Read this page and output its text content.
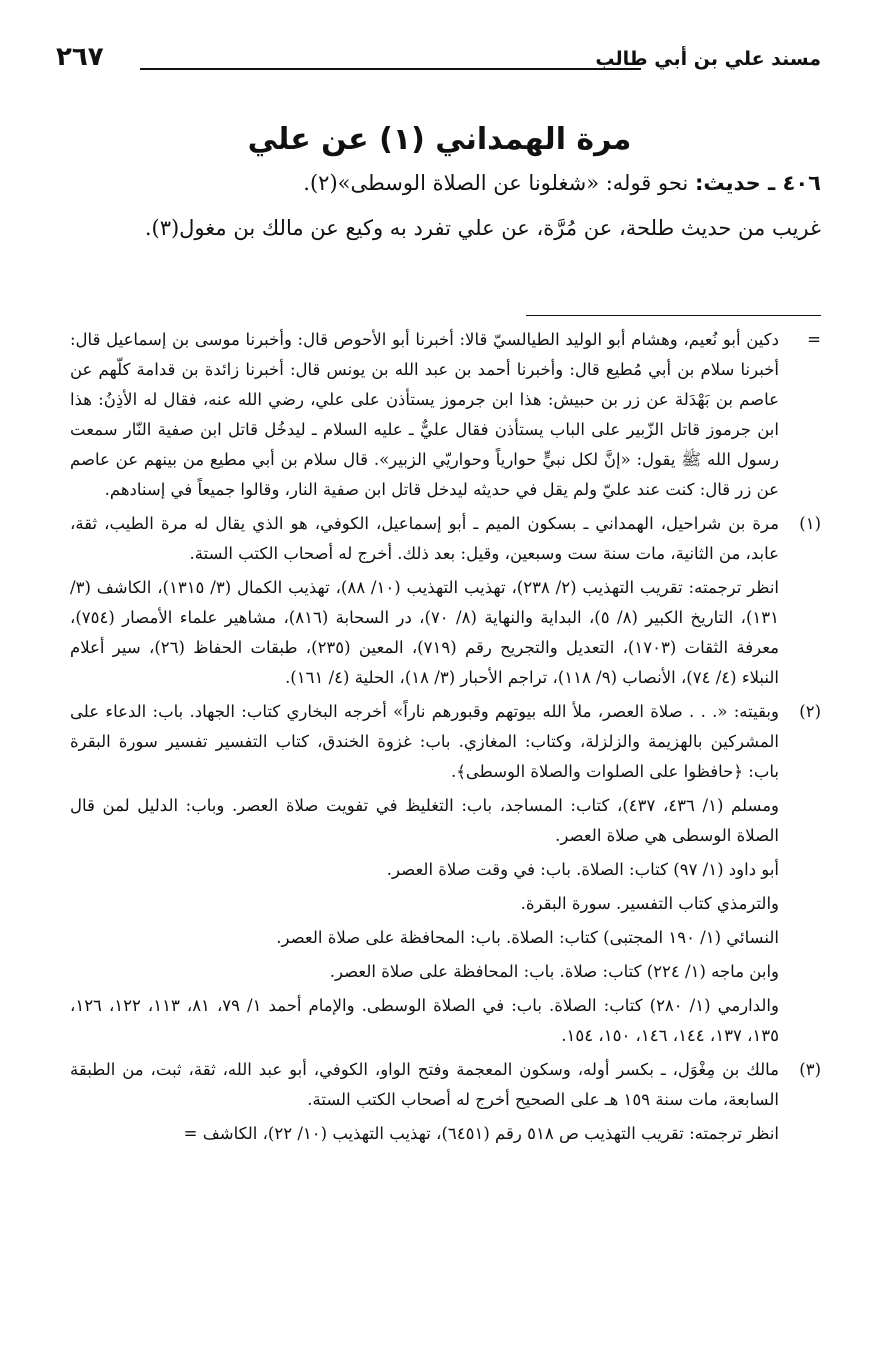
مسند علي بن أبي طالب
٢٦٧
مرة الهمداني (١) عن علي
٤٠٦ ـ حديث: نحو قوله: «شغلونا عن الصلاة الوسطى»(٢).
غريب من حديث طلحة، عن مُرَّة، عن علي تفرد به وكيع عن مالك بن مغول(٣).
=

دكين أبو نُعيم، وهشام أبو الوليد الطيالسيّ قالا: أخبرنا أبو الأحوص قال: وأخبرنا موسى بن إسماعيل قال: أخبرنا سلام بن أبي مُطيع قال: وأخبرنا أحمد بن عبد الله بن يونس قال: أخبرنا زائدة بن قدامة كلّهم عن عاصم بن بَهْدَلة عن زر بن حبيش: هذا ابن جرموز يستأذن على علي، رضي الله عنه، فقال له الأذِنُ: هذا ابن جرموز قاتل الزّبير على الباب يستأذن فقال عليٌّ ـ عليه السلام ـ ليدخُل قاتل ابن صفية النّار سمعت رسول الله ﷺ يقول: «إنَّ لكل نبيٍّ حوارياً وحواريّي الزبير». قال سلام بن أبي مطيع من بينهم عن عاصم عن زر قال: كنت عند عليّ ولم يقل في حديثه ليدخل قاتل ابن صفية النار، وقالوا جميعاً في إسنادهم.

(١)

مرة بن شراحيل، الهمداني ـ بسكون الميم ـ أبو إسماعيل، الكوفي، هو الذي يقال له مرة الطيب، ثقة، عابد، من الثانية، مات سنة ست وسبعين، وقيل: بعد ذلك. أخرج له أصحاب الكتب الستة.

انظر ترجمته: تقريب التهذيب (٢/ ٢٣٨)، تهذيب التهذيب (١٠/ ٨٨)، تهذيب الكمال (٣/ ١٣١٥)، الكاشف (٣/ ١٣١)، التاريخ الكبير (٨/ ٥)، البداية والنهاية (٨/ ٧٠)، در السحابة (٨١٦)، مشاهير علماء الأمصار (٧٥٤)، معرفة الثقات (١٧٠٣)، التعديل والتجريح رقم (٧١٩)، المعين (٢٣٥)، طبقات الحفاظ (٢٦)، سير أعلام النبلاء (٤/ ٧٤)، الأنصاب (٩/ ١١٨)، تراجم الأحبار (٣/ ١٨)، الحلية (٤/ ١٦١).

(٢)

وبقيته: «. . . صلاة العصر، ملأ الله بيوتهم وقبورهم ناراً» أخرجه البخاري كتاب: الجهاد. باب: الدعاء على المشركين بالهزيمة والزلزلة، وكتاب: المغازي. باب: غزوة الخندق، كتاب التفسير تفسير سورة البقرة باب: ﴿حافظوا على الصلوات والصلاة الوسطى﴾.

ومسلم (١/ ٤٣٦، ٤٣٧)، كتاب: المساجد، باب: التغليظ في تفويت صلاة العصر. وباب: الدليل لمن قال الصلاة الوسطى هي صلاة العصر.

أبو داود (١/ ٩٧) كتاب: الصلاة. باب: في وقت صلاة العصر.

والترمذي كتاب التفسير. سورة البقرة.

النسائي (١/ ١٩٠ المجتبى) كتاب: الصلاة. باب: المحافظة على صلاة العصر.

وابن ماجه (١/ ٢٢٤) كتاب: صلاة. باب: المحافظة على صلاة العصر.

والدارمي (١/ ٢٨٠) كتاب: الصلاة. باب: في الصلاة الوسطى. والإمام أحمد ١/ ٧٩، ٨١، ١١٣، ١٢٢، ١٢٦، ١٣٥، ١٣٧، ١٤٤، ١٤٦، ١٥٠، ١٥٤.

(٣)

مالك بن مِغْوَل، ـ بكسر أوله، وسكون المعجمة وفتح الواو، الكوفي، أبو عبد الله، ثقة، ثبت، من الطبقة السابعة، مات سنة ١٥٩ هـ على الصحيح أخرج له أصحاب الكتب الستة.

انظر ترجمته: تقريب التهذيب ص ٥١٨ رقم (٦٤٥١)، تهذيب التهذيب (١٠/ ٢٢)، الكاشف =
